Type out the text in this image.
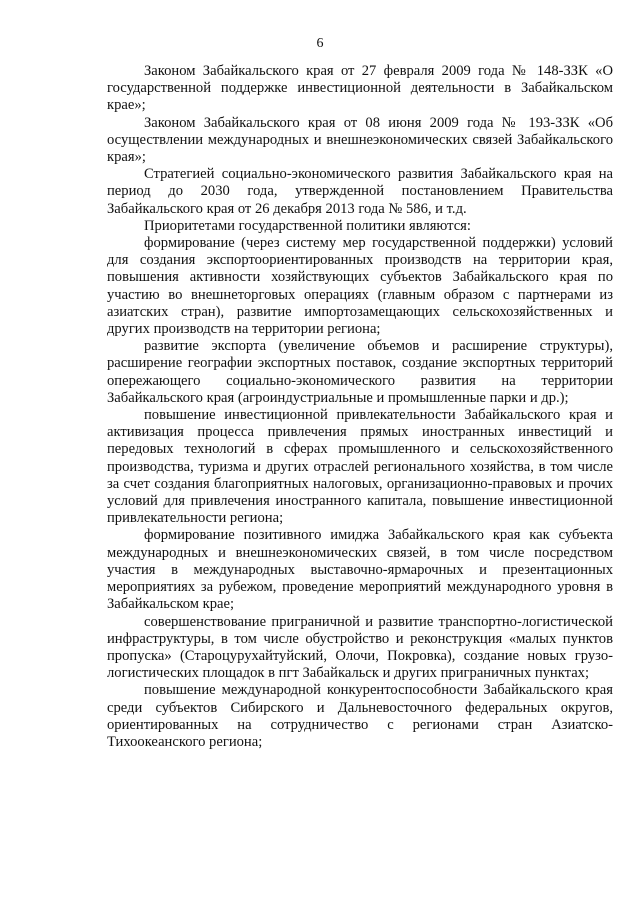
6

Законом Забайкальского края от 27 февраля 2009 года № 148-ЗЗК «О государственной поддержке инвестиционной деятельности в Забайкальском крае»;

Законом Забайкальского края от 08 июня 2009 года № 193-ЗЗК «Об осуществлении международных и внешнеэкономических связей Забайкальского края»;

Стратегией социально-экономического развития Забайкальского края на период до 2030 года, утвержденной постановлением Правительства Забайкальского края от 26 декабря 2013 года № 586, и т.д.

Приоритетами государственной политики являются:

формирование (через систему мер государственной поддержки) условий для создания экспортоориентированных производств на территории края, повышения активности хозяйствующих субъектов Забайкальского края по участию во внешнеторговых операциях (главным образом с партнерами из азиатских стран), развитие импортозамещающих сельскохозяйственных и других производств на территории региона;

развитие экспорта (увеличение объемов и расширение структуры), расширение географии экспортных поставок, создание экспортных территорий опережающего социально-экономического развития на территории Забайкальского края (агроиндустриальные и промышленные парки и др.);

повышение инвестиционной привлекательности Забайкальского края и активизация процесса привлечения прямых иностранных инвестиций и передовых технологий в сферах промышленного и сельскохозяйственного производства, туризма и других отраслей регионального хозяйства, в том числе за счет создания благоприятных налоговых, организационно-правовых и прочих условий для привлечения иностранного капитала, повышение инвестиционной привлекательности региона;

формирование позитивного имиджа Забайкальского края как субъекта международных и внешнеэкономических связей, в том числе посредством участия в международных выставочно-ярмарочных и презентационных мероприятиях за рубежом, проведение мероприятий международного уровня в Забайкальском крае;

совершенствование приграничной и развитие транспортно-логистической инфраструктуры, в том числе обустройство и реконструкция «малых пунктов пропуска» (Староцурухайтуйский, Олочи, Покровка), создание новых грузо-логистических площадок в пгт Забайкальск и других приграничных пунктах;

повышение международной конкурентоспособности Забайкальского края среди субъектов Сибирского и Дальневосточного федеральных округов, ориентированных на сотрудничество с регионами стран Азиатско-Тихоокеанского региона;
